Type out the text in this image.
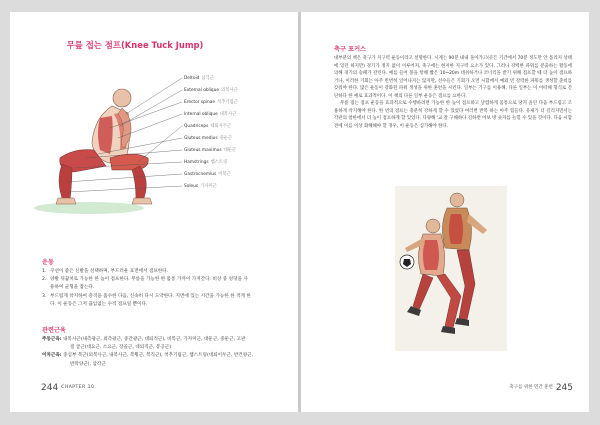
무릎 접는 점프(Knee Tuck Jump)
Deltoid 삼각근
External oblique 외복사근
Erector spinae 척추기립근
Internal oblique 내복사근
Quadriceps 대퇴사두근
Gluteus medius 중둔근
Gluteus maximus 대둔근
Hamstrings 햄스트링
Gastrocnemius 비복근
Soleus 가자미근
운동
1. 쿠션이 좋은 신발을 선택하며, 부드러운 표면에서 점프한다.
2. 양발 뒤꿈치로 가능한 한 높이 점프한다. 무릎을 가능한 한 몸통 가까이 가져간다. 비상 중 엉덩을 사
용하여 균형을 잡는다.
3. 부드럽게 착지하여 충격을 흡수한 다음, 신속히 다시 도약한다. 지면에 있는 시간을 가능한 한 적게 한
다. 이 운동은 그저 끊임없는 수직 점프일 뿐이다.
관련근육
주동근육: 내복사근(내측광근, 외측광근, 중간광근, 대퇴직근), 비복근, 가자미근, 대둔근, 중둔근, 고관
절 굴근(대요근, 소요근, 장골근, 대퇴직근, 봉공근)
이차근육: 중심부 복근(외복사근, 내복사근, 복횡근, 복직근), 척추기립근, 햄스트링(대퇴이두근, 반건양근,
반막양근), 삼각근
244 $^{CHAPTER 10}$
축구 포커스

대부분의 책은 축구가 지구력 운동이라고 설명한다. 시계는 90분 내내 돌아가고(골든 기간에서 70분 정도만 안 틀리지 상태에 있던 하지만) 경기가 정지 없이 이루어져, 축구에는 현저한 지구력 요소가 있다. 그러나 강력한 파워를 분출하는 활동에 의해 경기의 승패가 갈린다. 예를 들어 볼을 항해 짧은 10~20m 대쉬하거나 코너킥을 받기 위해 점프할 때 더 높이 점프하거나, 이러한 기회는 아주 빈번히 일어나지는 않지만, 선수들은 기회가 오면 시합에서 예외 빈 강력한 파워를 생성할 준비를 갖춰야 한다. 많은 운동이 강화된 파워 생성을 위한 훈련을 시킨다. 일부는 기구를 이용해, 다른 일부는 이 어떠해 형식로 간단하다 한 예로 효과적이다. 이 책의 다른 일부 운동은 점프를 요한다.

무릎 접는 점프 운동을 효과적으로 수행하려면 가능한 한 높이 점프하고 날렵하게 몸통으로 당겨 올린 다음 부드럽고 조용하게 착지해야 한다. 한 번의 점프는 충분히 강하게 할 수 있었다 여러번 반복 하는 아주 힘들다. 유제가 더 길리지면서는 각관의 첨한에서 더 높이 점프하게 할 있었다. 다양해 '교 잘 구해하다 길하면 어보 방 숫자를 늘힐 수 있을 것이다. 다음 시합 전에 이를 이상 화해해야 할 경우, 이 운동은 심가해야 한다.

$^{축구를 위한 민간 훈련}$ 245
